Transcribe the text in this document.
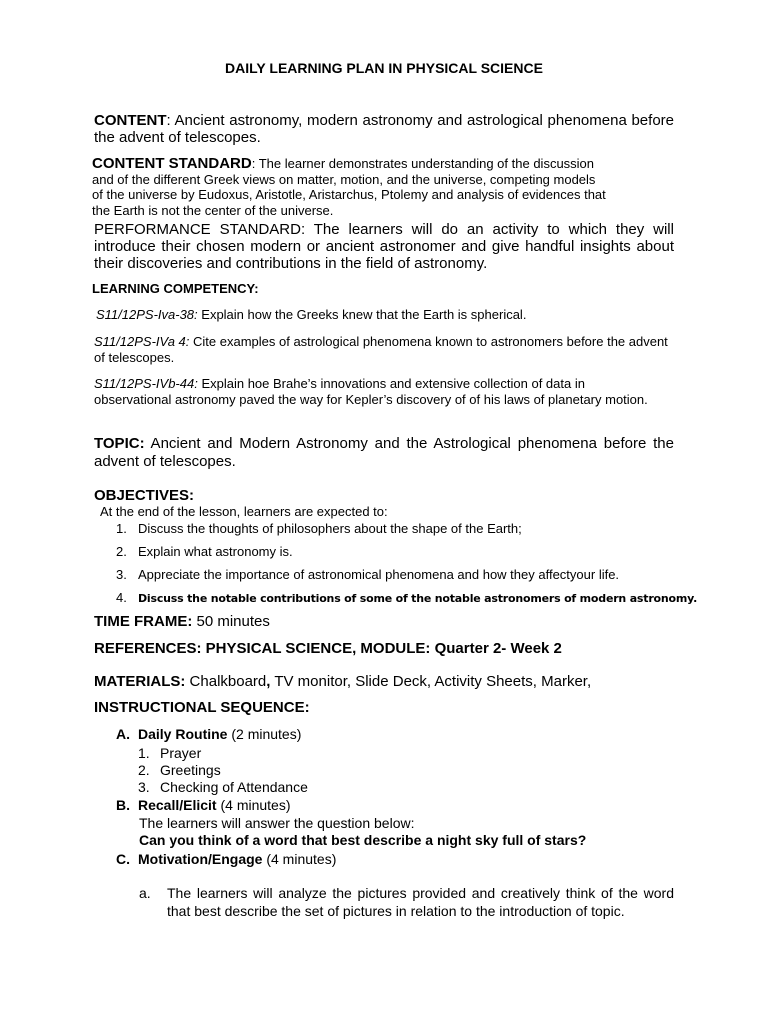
DAILY LEARNING PLAN IN PHYSICAL SCIENCE
CONTENT: Ancient astronomy, modern astronomy and astrological phenomena before the advent of telescopes.
CONTENT STANDARD: The learner demonstrates understanding of the discussion
and of the different Greek views on matter, motion, and the universe, competing models
of the universe by Eudoxus, Aristotle, Aristarchus, Ptolemy and analysis of evidences that
the Earth is not the center of the universe.
PERFORMANCE STANDARD: The learners will do an activity to which they will introduce their chosen modern or ancient astronomer and give handful insights about their discoveries and contributions in the field of astronomy.
LEARNING COMPETENCY:
S11/12PS-Iva-38: Explain how the Greeks knew that the Earth is spherical.
S11/12PS-IVa 4: Cite examples of astrological phenomena known to astronomers before the advent of telescopes.
S11/12PS-IVb-44: Explain hoe Brahe’s innovations and extensive collection of data in observational astronomy paved the way for Kepler’s discovery of of his laws of planetary motion.
TOPIC: Ancient and Modern Astronomy and the Astrological phenomena before the advent of telescopes.
OBJECTIVES:
At the end of the lesson, learners are expected to:
1. Discuss the thoughts of philosophers about the shape of the Earth;
2. Explain what astronomy is.
3. Appreciate the importance of astronomical phenomena and how they affectyour life.
4. Discuss the notable contributions of some of the notable astronomers of modern astronomy.
TIME FRAME: 50 minutes
REFERENCES: PHYSICAL SCIENCE, MODULE: Quarter 2- Week 2
MATERIALS: Chalkboard, TV monitor, Slide Deck, Activity Sheets, Marker,
INSTRUCTIONAL SEQUENCE:
A. Daily Routine (2 minutes)
1. Prayer
2. Greetings
3. Checking of Attendance
B. Recall/Elicit (4 minutes)
The learners will answer the question below:
Can you think of a word that best describe a night sky full of stars?
C. Motivation/Engage (4 minutes)
a. The learners will analyze the pictures provided and creatively think of the word that best describe the set of pictures in relation to the introduction of topic.
